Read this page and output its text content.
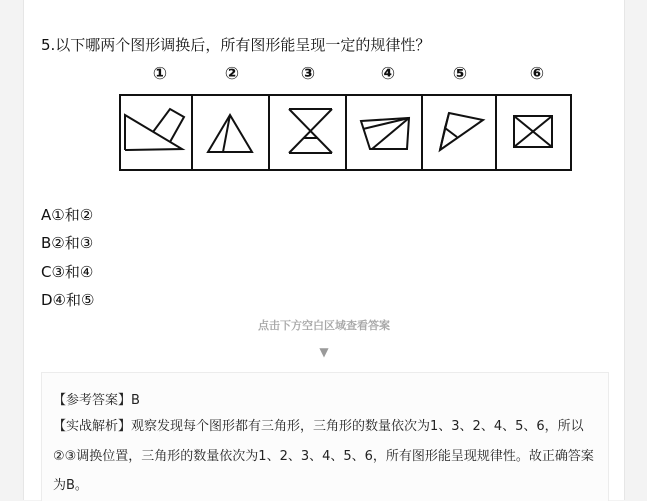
5.以下哪两个图形调换后，所有图形能呈现一定的规律性？
①	②	③	④	⑤	⑥
A①和②
B②和③
C③和④
D④和⑤
点击下方空白区域查看答案
▼
【参考答案】B
【实战解析】观察发现每个图形都有三角形，三角形的数量依次为1、3、2、4、5、6，所以②③调换位置，三角形的数量依次为1、2、3、4、5、6，所有图形能呈现规律性。故正确答案为B。
